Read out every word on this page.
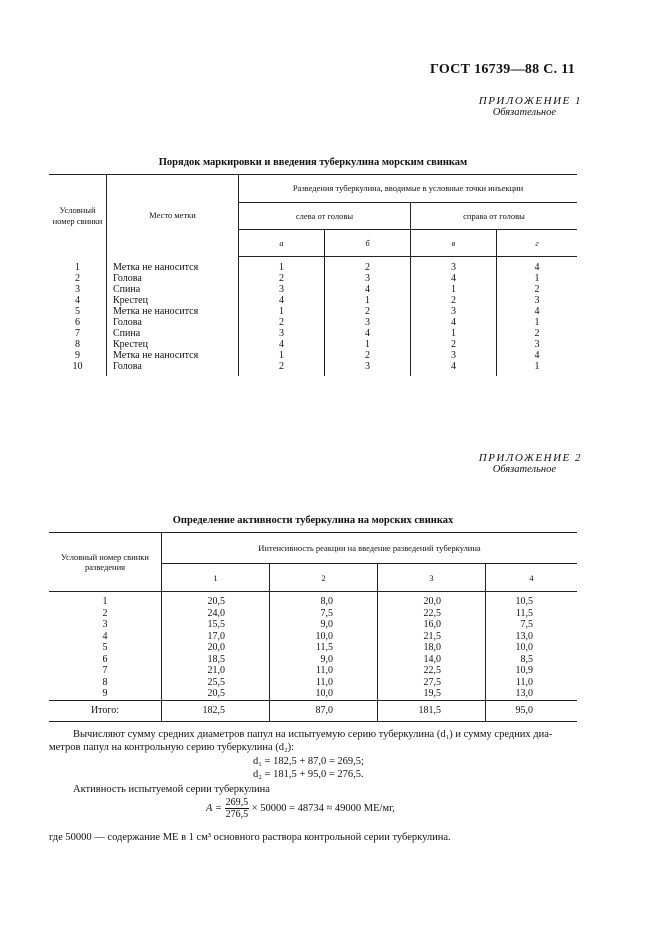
ГОСТ 16739—88 С. 11
ПРИЛОЖЕНИЕ 1
Обязательное
Порядок маркировки и введения туберкулина морским свинкам
Условный номер свинки	Место метки	Разведения туберкулина, вводимые в условные точки инъекции			
		слева от головы		справа от головы	
		а	б	в	г
1	Метка не наносится	1	2	3	4
2	Голова	2	3	4	1
3	Спина	3	4	1	2
4	Крестец	4	1	2	3
5	Метка не наносится	1	2	3	4
6	Голова	2	3	4	1
7	Спина	3	4	1	2
8	Крестец	4	1	2	3
9	Метка не наносится	1	2	3	4
10	Голова	2	3	4	1
ПРИЛОЖЕНИЕ 2
Обязательное
Определение активности туберкулина на морских свинках
Условный номер свинки разведения	Интенсивность реакции на введение разведений туберкулина			
	1	2	3	4
1	20,5	8,0	20,0	10,5
2	24,0	7,5	22,5	11,5
3	15,5	9,0	16,0	7,5
4	17,0	10,0	21,5	13,0
5	20,0	11,5	18,0	10,0
6	18,5	9,0	14,0	8,5
7	21,0	11,0	22,5	10,9
8	25,5	11,0	27,5	11,0
9	20,5	10,0	19,5	13,0
Итого:	182,5	87,0	181,5	95,0
Вычисляют сумму средних диаметров папул на испытуемую серию туберкулина (d₁) и сумму средних диа-
метров папул на контрольную серию туберкулина (d₂):
d₁ = 182,5 + 87,0 = 269,5;
d₂ = 181,5 + 95,0 = 276,5.
Активность испытуемой серии туберкулина
$A = \frac{269,5}{276,5} \times 50000 = 48734 \approx 49000$ МЕ/мг,
где 50000 — содержание МЕ в 1 см³ основного раствора контрольной серии туберкулина.
